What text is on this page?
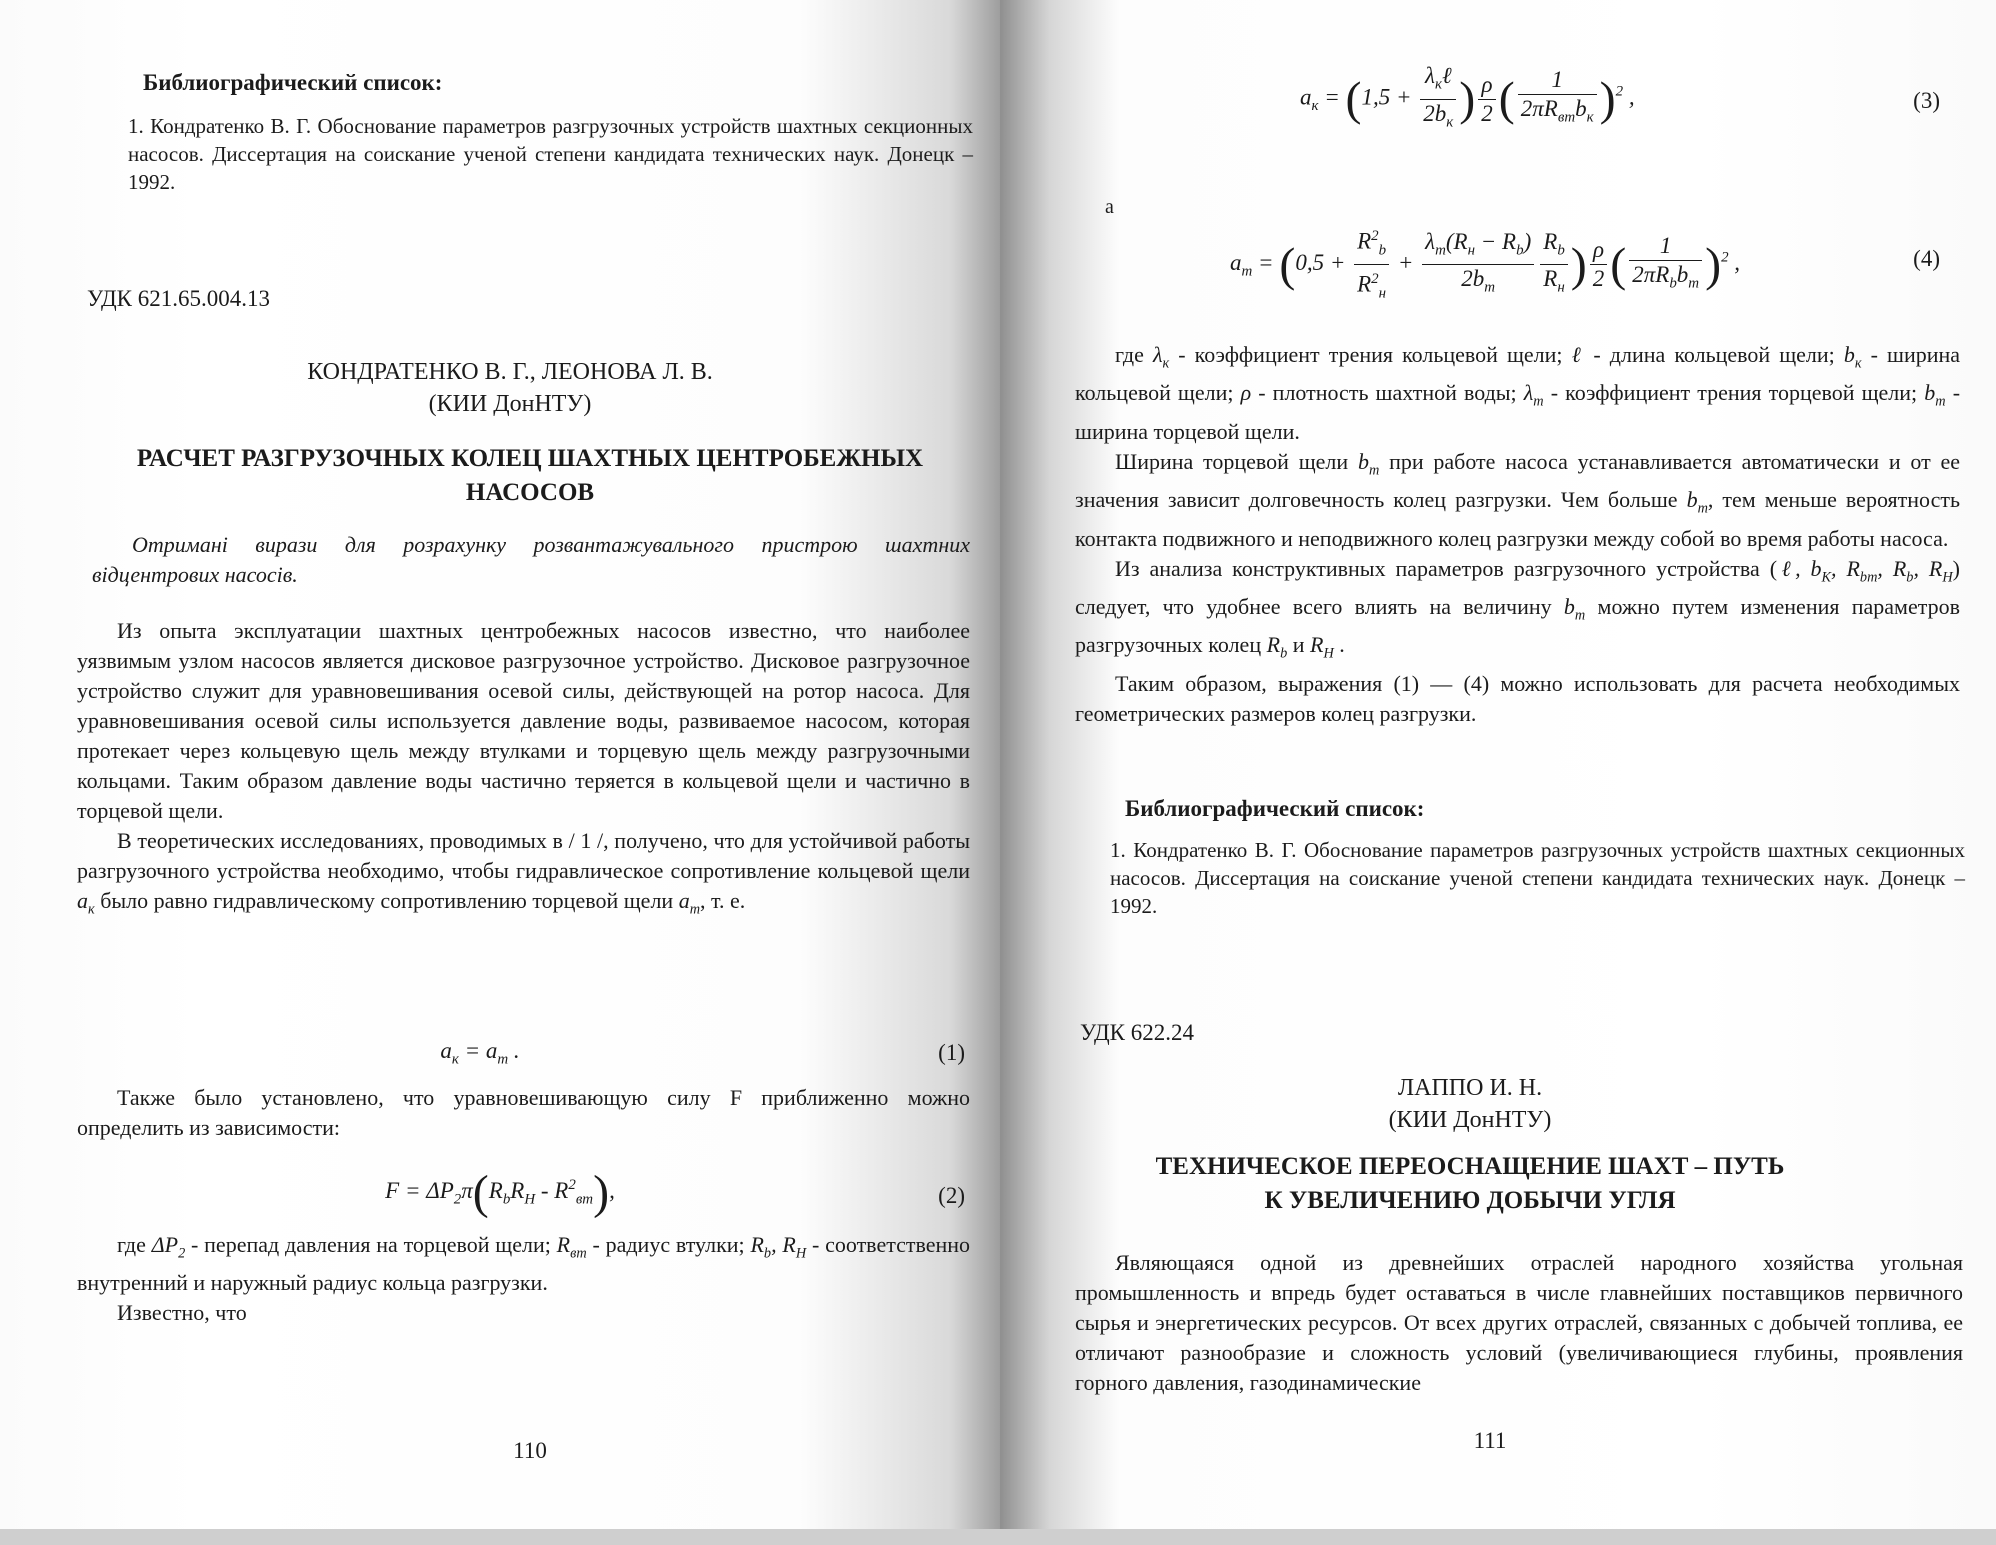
Библиографический список:
1. Кондратенко В. Г. Обоснование параметров разгрузочных устройств шахтных секционных насосов. Диссертация на соискание ученой степени кандидата технических наук. Донецк – 1992.
УДК 621.65.004.13
КОНДРАТЕНКО В. Г., ЛЕОНОВА Л. В.
(КИИ ДонНТУ)
РАСЧЕТ РАЗГРУЗОЧНЫХ КОЛЕЦ ШАХТНЫХ ЦЕНТРОБЕЖНЫХ НАСОСОВ
Отримані вирази для розрахунку розвантажувального пристрою шахтних відцентрових насосів.

Из опыта эксплуатации шахтных центробежных насосов известно, что наиболее уязвимым узлом насосов является дисковое разгрузочное устройство. Дисковое разгрузочное устройство служит для уравновешивания осевой силы, действующей на ротор насоса. Для уравновешивания осевой силы используется давление воды, развиваемое насосом, которая протекает через кольцевую щель между втулками и торцевую щель между разгрузочными кольцами. Таким образом давление воды частично теряется в кольцевой щели и частично в торцевой щели.

В теоретических исследованиях, проводимых в / 1 /, получено, что для устойчивой работы разгрузочного устройства необходимо, чтобы гидравлическое сопротивление кольцевой щели $a_к$ было равно гидравлическому сопротивлению торцевой щели $a_т$, т. е.

$a_к = a_т$ .	(1)

Также было установлено, что уравновешивающую силу F приближенно можно определить из зависимости:

$F = \Delta P_2\pi(R_bR_H - R^2_{вт})$,	(2)

где $\Delta P_2$ - перепад давления на торцевой щели; $R_{вт}$ - радиус втулки; $R_b$, $R_H$ - соответственно внутренний и наружный радиус кольца разгрузки.

Известно, что

110
$a_к = (1,5 + \frac{\lambda_к\ell}{2b_к}$ ) $\frac{\rho}{2}$ ( $\frac{1}{2\pi R_{вт}b_к} )^2$ ,	(3)
а
$a_т = (0,5 + \frac{R^2_b}{R^2_н} + \frac{\lambda_т(R_н - R_b)}{2b_т} \frac{R_b}{R_н}$ ) $\frac{\rho}{2}$ ( $\frac{1}{2\pi R_bb_т} )^2$ ,	(4)

где $\lambda_к$ - коэффициент трения кольцевой щели; ℓ - длина кольцевой щели; $b_к$ - ширина кольцевой щели; ρ - плотность шахтной воды; $\lambda_т$ - коэффициент трения торцевой щели; $b_т$ - ширина торцевой щели.

Ширина торцевой щели $b_т$ при работе насоса устанавливается автоматически и от ее значения зависит долговечность колец разгрузки. Чем больше $b_т$, тем меньше вероятность контакта подвижного и неподвижного колец разгрузки между собой во время работы насоса.

Из анализа конструктивных параметров разгрузочного устройства (ℓ, $b_K$, $R_{bm}$, $R_b$, $R_H$) следует, что удобнее всего влиять на величину $b_m$ можно путем изменения параметров разгрузочных колец $R_b$ и $R_H$ .

Таким образом, выражения (1) — (4) можно использовать для расчета необходимых геометрических размеров колец разгрузки.

Библиографический список:
1. Кондратенко В. Г. Обоснование параметров разгрузочных устройств шахтных секционных насосов. Диссертация на соискание ученой степени кандидата технических наук. Донецк – 1992.
УДК 622.24
ЛАППО И. Н.
(КИИ ДонНТУ)
ТЕХНИЧЕСКОЕ ПЕРЕОСНАЩЕНИЕ ШАХТ – ПУТЬ К УВЕЛИЧЕНИЮ ДОБЫЧИ УГЛЯ

Являющаяся одной из древнейших отраслей народного хозяйства угольная промышленность и впредь будет оставаться в числе главнейших поставщиков первичного сырья и энергетических ресурсов. От всех других отраслей, связанных с добычей топлива, ее отличают разнообразие и сложность условий (увеличивающиеся глубины, проявления горного давления, газодинамические

111
